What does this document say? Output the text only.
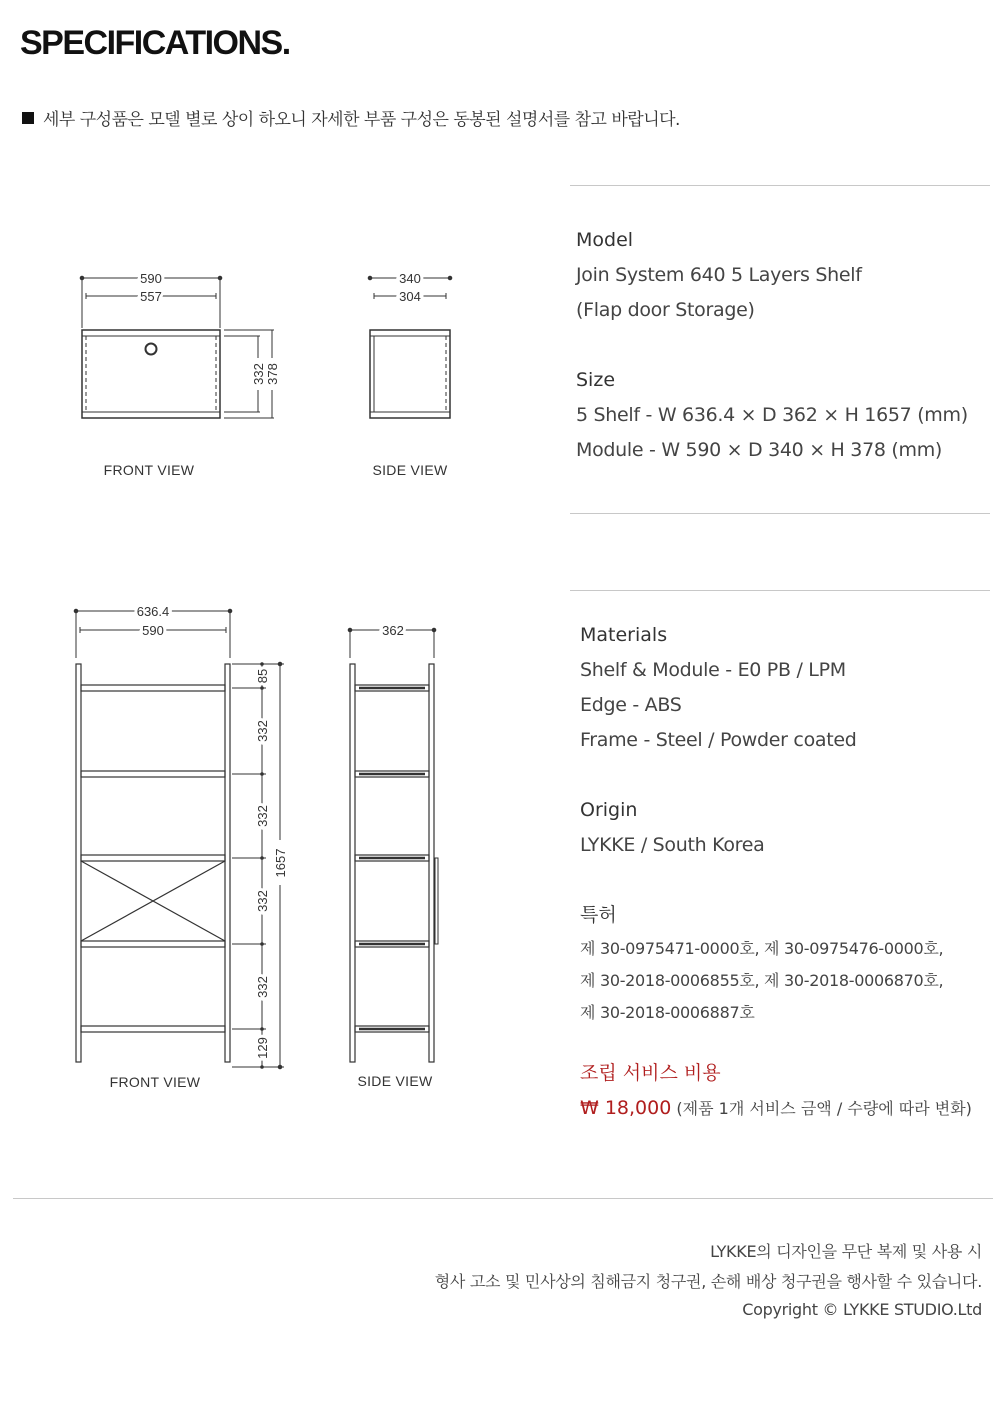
SPECIFICATIONS.
세부 구성품은 모델 별로 상이 하오니 자세한 부품 구성은 동봉된 설명서를 참고 바랍니다.
590
557
332 378
FRONT VIEW
340
304
SIDE VIEW
636.4
590
85
332
332
332
332
129
1657
FRONT VIEW
362
SIDE VIEW
Model
Join System 640 5 Layers Shelf
(Flap door Storage)
Size
5 Shelf - W 636.4 × D 362 × H 1657 (mm)
Module - W 590 × D 340 × H 378 (mm)
Materials
Shelf & Module - E0 PB / LPM
Edge - ABS
Frame - Steel / Powder coated
Origin
LYKKE / South Korea
특허
제 30-0975471-0000호, 제 30-0975476-0000호,
제 30-2018-0006855호, 제 30-2018-0006870호,
제 30-2018-0006887호
조립 서비스 비용
₩ 18,000 (제품 1개 서비스 금액 / 수량에 따라 변화)
LYKKE의 디자인을 무단 복제 및 사용 시
형사 고소 및 민사상의 침해금지 청구권, 손해 배상 청구권을 행사할 수 있습니다.
Copyright © LYKKE STUDIO.Ltd
